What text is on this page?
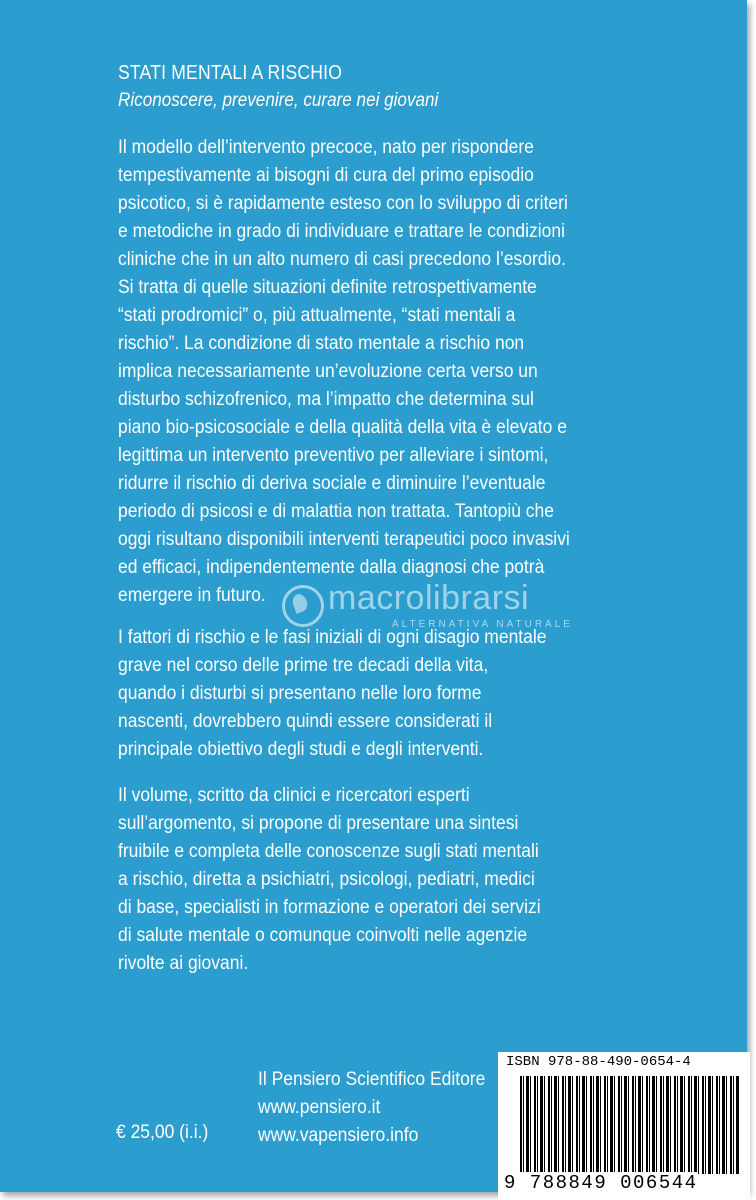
STATI MENTALI A RISCHIO

Riconoscere, prevenire, curare nei giovani

Il modello dell’intervento precoce, nato per rispondere tempestivamente ai bisogni di cura del primo episodio psicotico, si è rapidamente esteso con lo sviluppo di criteri e metodiche in grado di individuare e trattare le condizioni cliniche che in un alto numero di casi precedono l’esordio. Si tratta di quelle situazioni definite retrospettivamente “stati prodromici” o, più attualmente, “stati mentali a rischio”. La condizione di stato mentale a rischio non implica necessariamente un’evoluzione certa verso un disturbo schizofrenico, ma l’impatto che determina sul piano bio-psicosociale e della qualità della vita è elevato e legittima un intervento preventivo per alleviare i sintomi, ridurre il rischio di deriva sociale e diminuire l’eventuale periodo di psicosi e di malattia non trattata. Tantopiù che oggi risultano disponibili interventi terapeutici poco invasivi ed efficaci, indipendentemente dalla diagnosi che potrà emergere in futuro.

I fattori di rischio e le fasi iniziali di ogni disagio mentale grave nel corso delle prime tre decadi della vita, quando i disturbi si presentano nelle loro forme nascenti, dovrebbero quindi essere considerati il principale obiettivo degli studi e degli interventi.

Il volume, scritto da clinici e ricercatori esperti sull’argomento, si propone di presentare una sintesi fruibile e completa delle conoscenze sugli stati mentali a rischio, diretta a psichiatri, psicologi, pediatri, medici di base, specialisti in formazione e operatori dei servizi di salute mentale o comunque coinvolti nelle agenzie rivolte ai giovani.

macrolibrarsi
ALTERNATIVA NATURALE
Il Pensiero Scientifico Editore
www.pensiero.it
www.vapensiero.info
€ 25,00 (i.i.)
ISBN 978-88-490-0654-4
9 788849 006544
